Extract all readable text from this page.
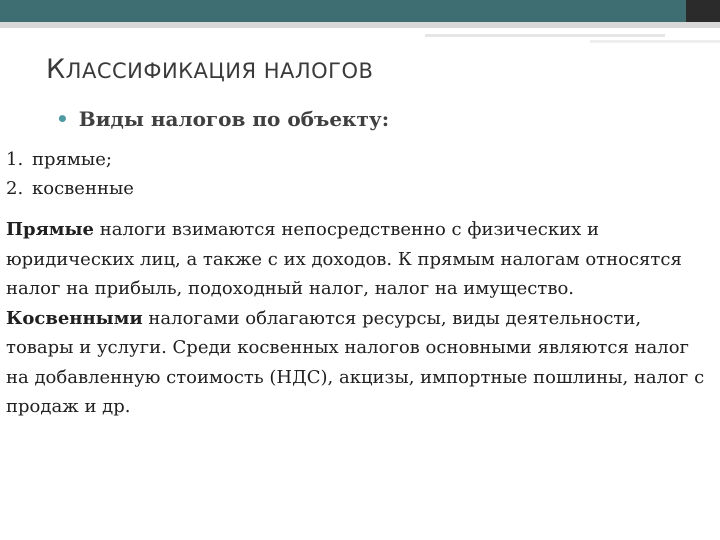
КЛАССИФИКАЦИЯ НАЛОГОВ
• Виды налогов по объекту:
1. прямые;
2. косвенные
Прямые налоги взимаются непосредственно с физических и юридических лиц, а также с их доходов. К прямым налогам относятся налог на прибыль, подоходный налог, налог на имущество. Косвенными налогами облагаются ресурсы, виды деятельности, товары и услуги. Среди косвенных налогов основными являются налог на добавленную стоимость (НДС), акцизы, импортные пошлины, налог с продаж и др.
